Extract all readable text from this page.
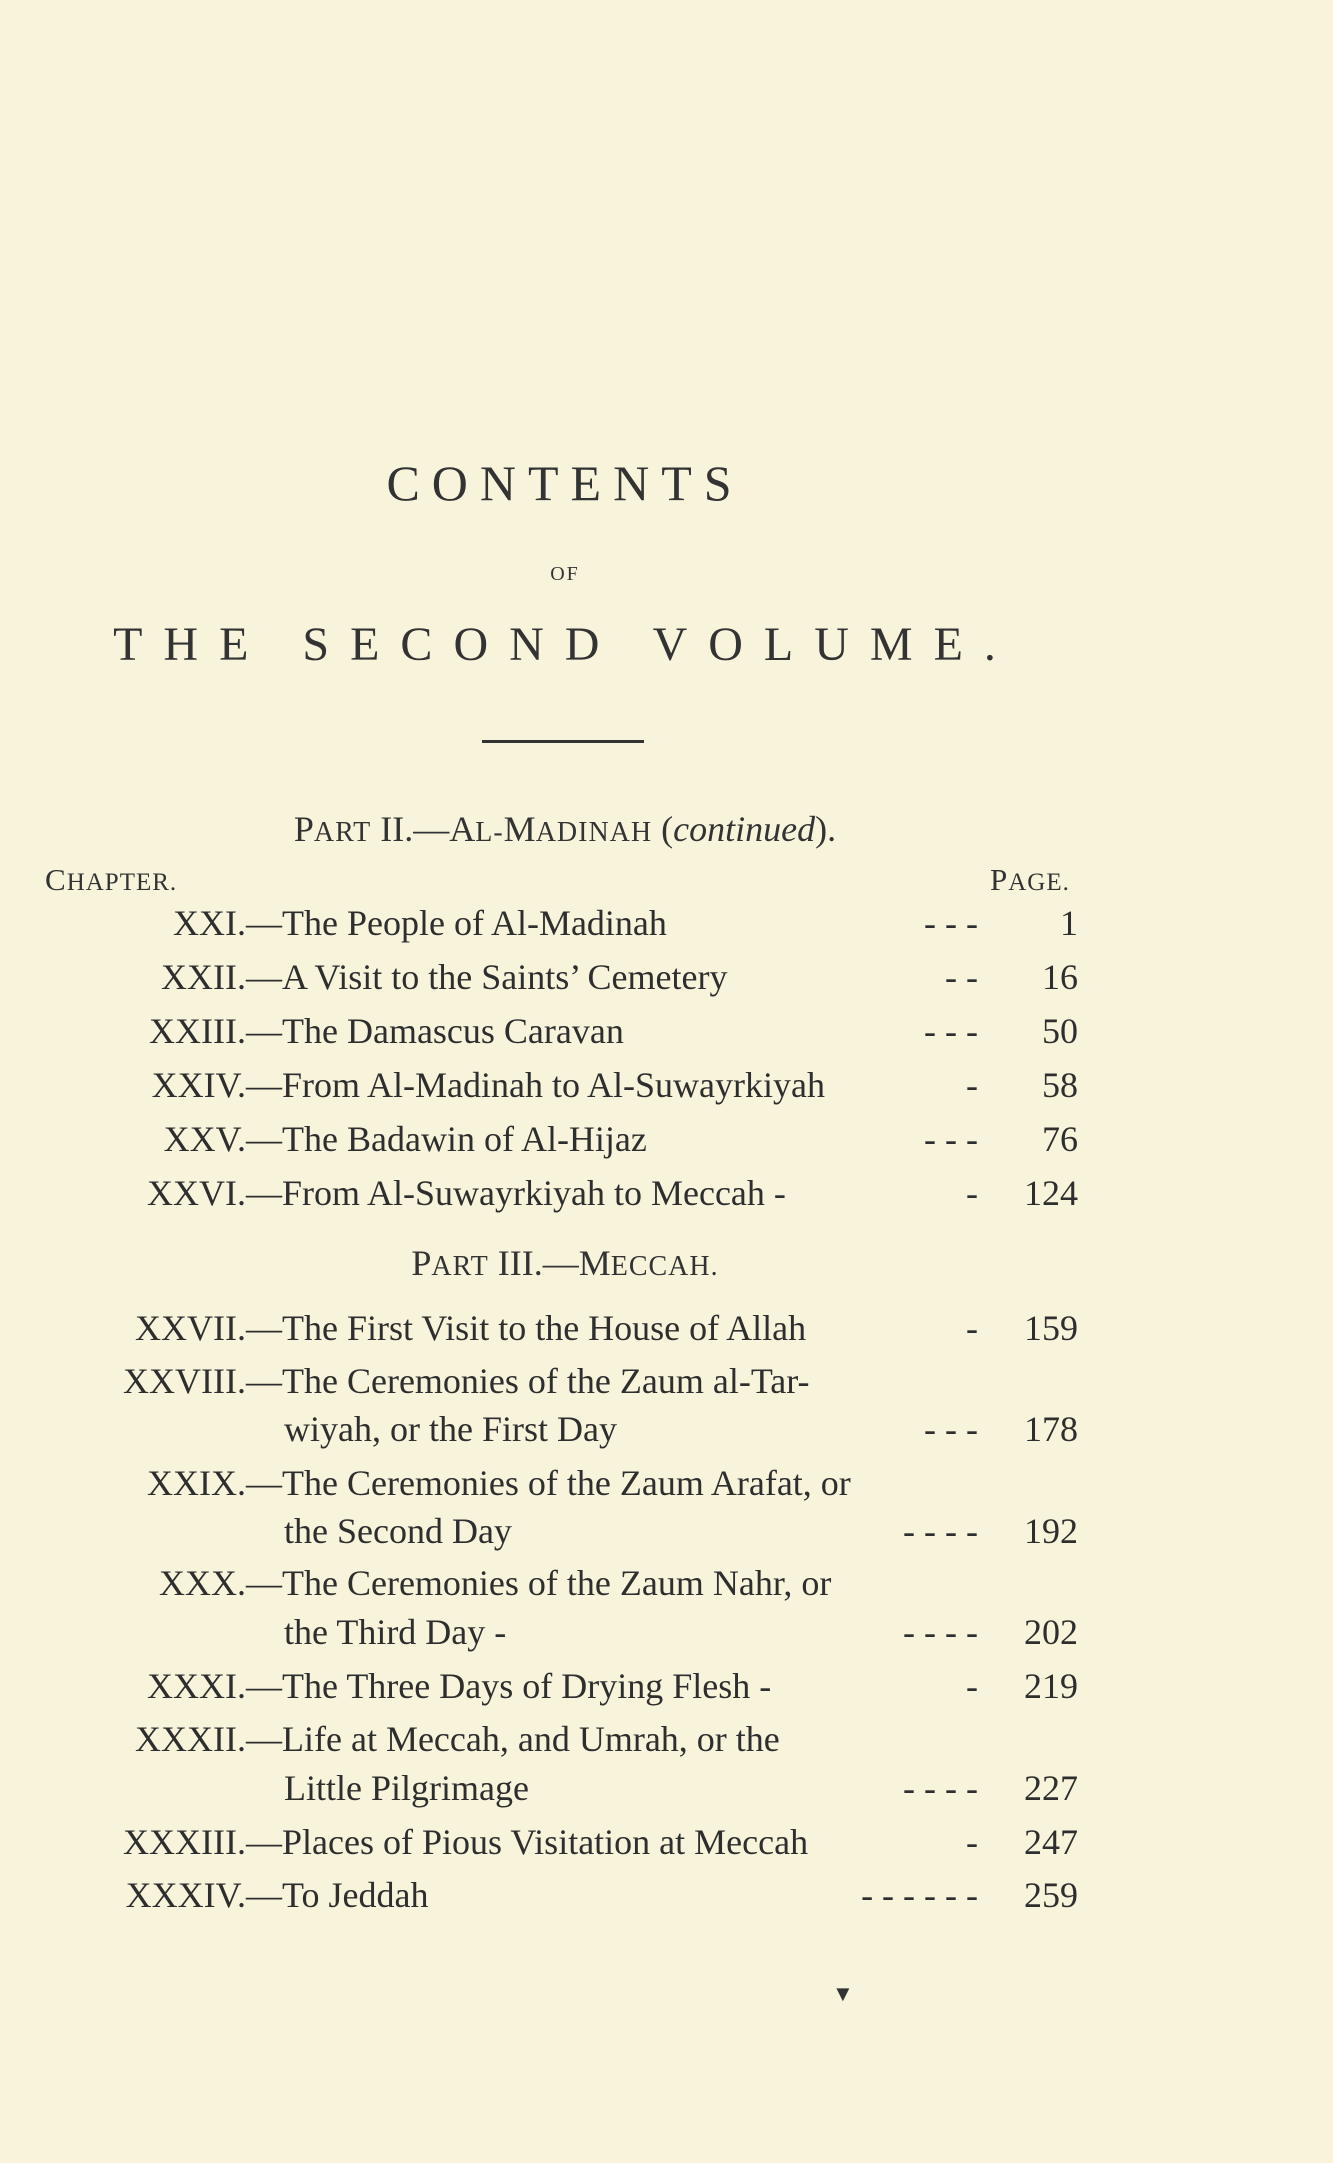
CONTENTS
OF
THE SECOND VOLUME.
PART II.—AL-MADINAH (continued).
CHAPTER.	PAGE.
XXI. —The People of Al-Madinah	- - - 1
XXII. —A Visit to the Saints’ Cemetery	- - 16
XXIII. —The Damascus Caravan	- - - 50
XXIV. —From Al-Madinah to Al-Suwayrkiyah	- 58
XXV. —The Badawin of Al-Hijaz	- - - 76
XXVI. —From Al-Suwayrkiyah to Meccah -	- 124
PART III.—MECCAH.
XXVII. —The First Visit to the House of Allah	- 159
XXVIII. —The Ceremonies of the Zaum al-Tar-
wiyah, or the First Day	- - - 178
XXIX. —The Ceremonies of the Zaum Arafat, or
the Second Day	- - - - 192
XXX. —The Ceremonies of the Zaum Nahr, or
the Third Day -	- - - - 202
XXXI. —The Three Days of Drying Flesh -	- 219
XXXII. —Life at Meccah, and Umrah, or the
Little Pilgrimage	- - - - 227
XXXIII. —Places of Pious Visitation at Meccah	- 247
XXXIV. —To Jeddah	- - - - - - 259
▼
